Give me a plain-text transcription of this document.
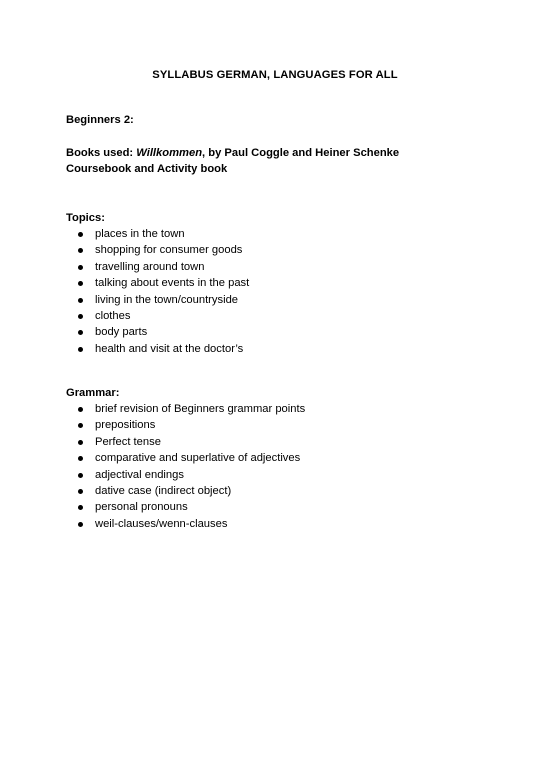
SYLLABUS GERMAN, LANGUAGES FOR ALL
Beginners 2:
Books used: Willkommen, by Paul Coggle and Heiner Schenke
Coursebook and Activity book
Topics:
places in the town
shopping for consumer goods
travelling around town
talking about events in the past
living in the town/countryside
clothes
body parts
health and visit at the doctor’s
Grammar:
brief revision of Beginners grammar points
prepositions
Perfect tense
comparative and superlative of adjectives
adjectival endings
dative case (indirect object)
personal pronouns
weil-clauses/wenn-clauses
